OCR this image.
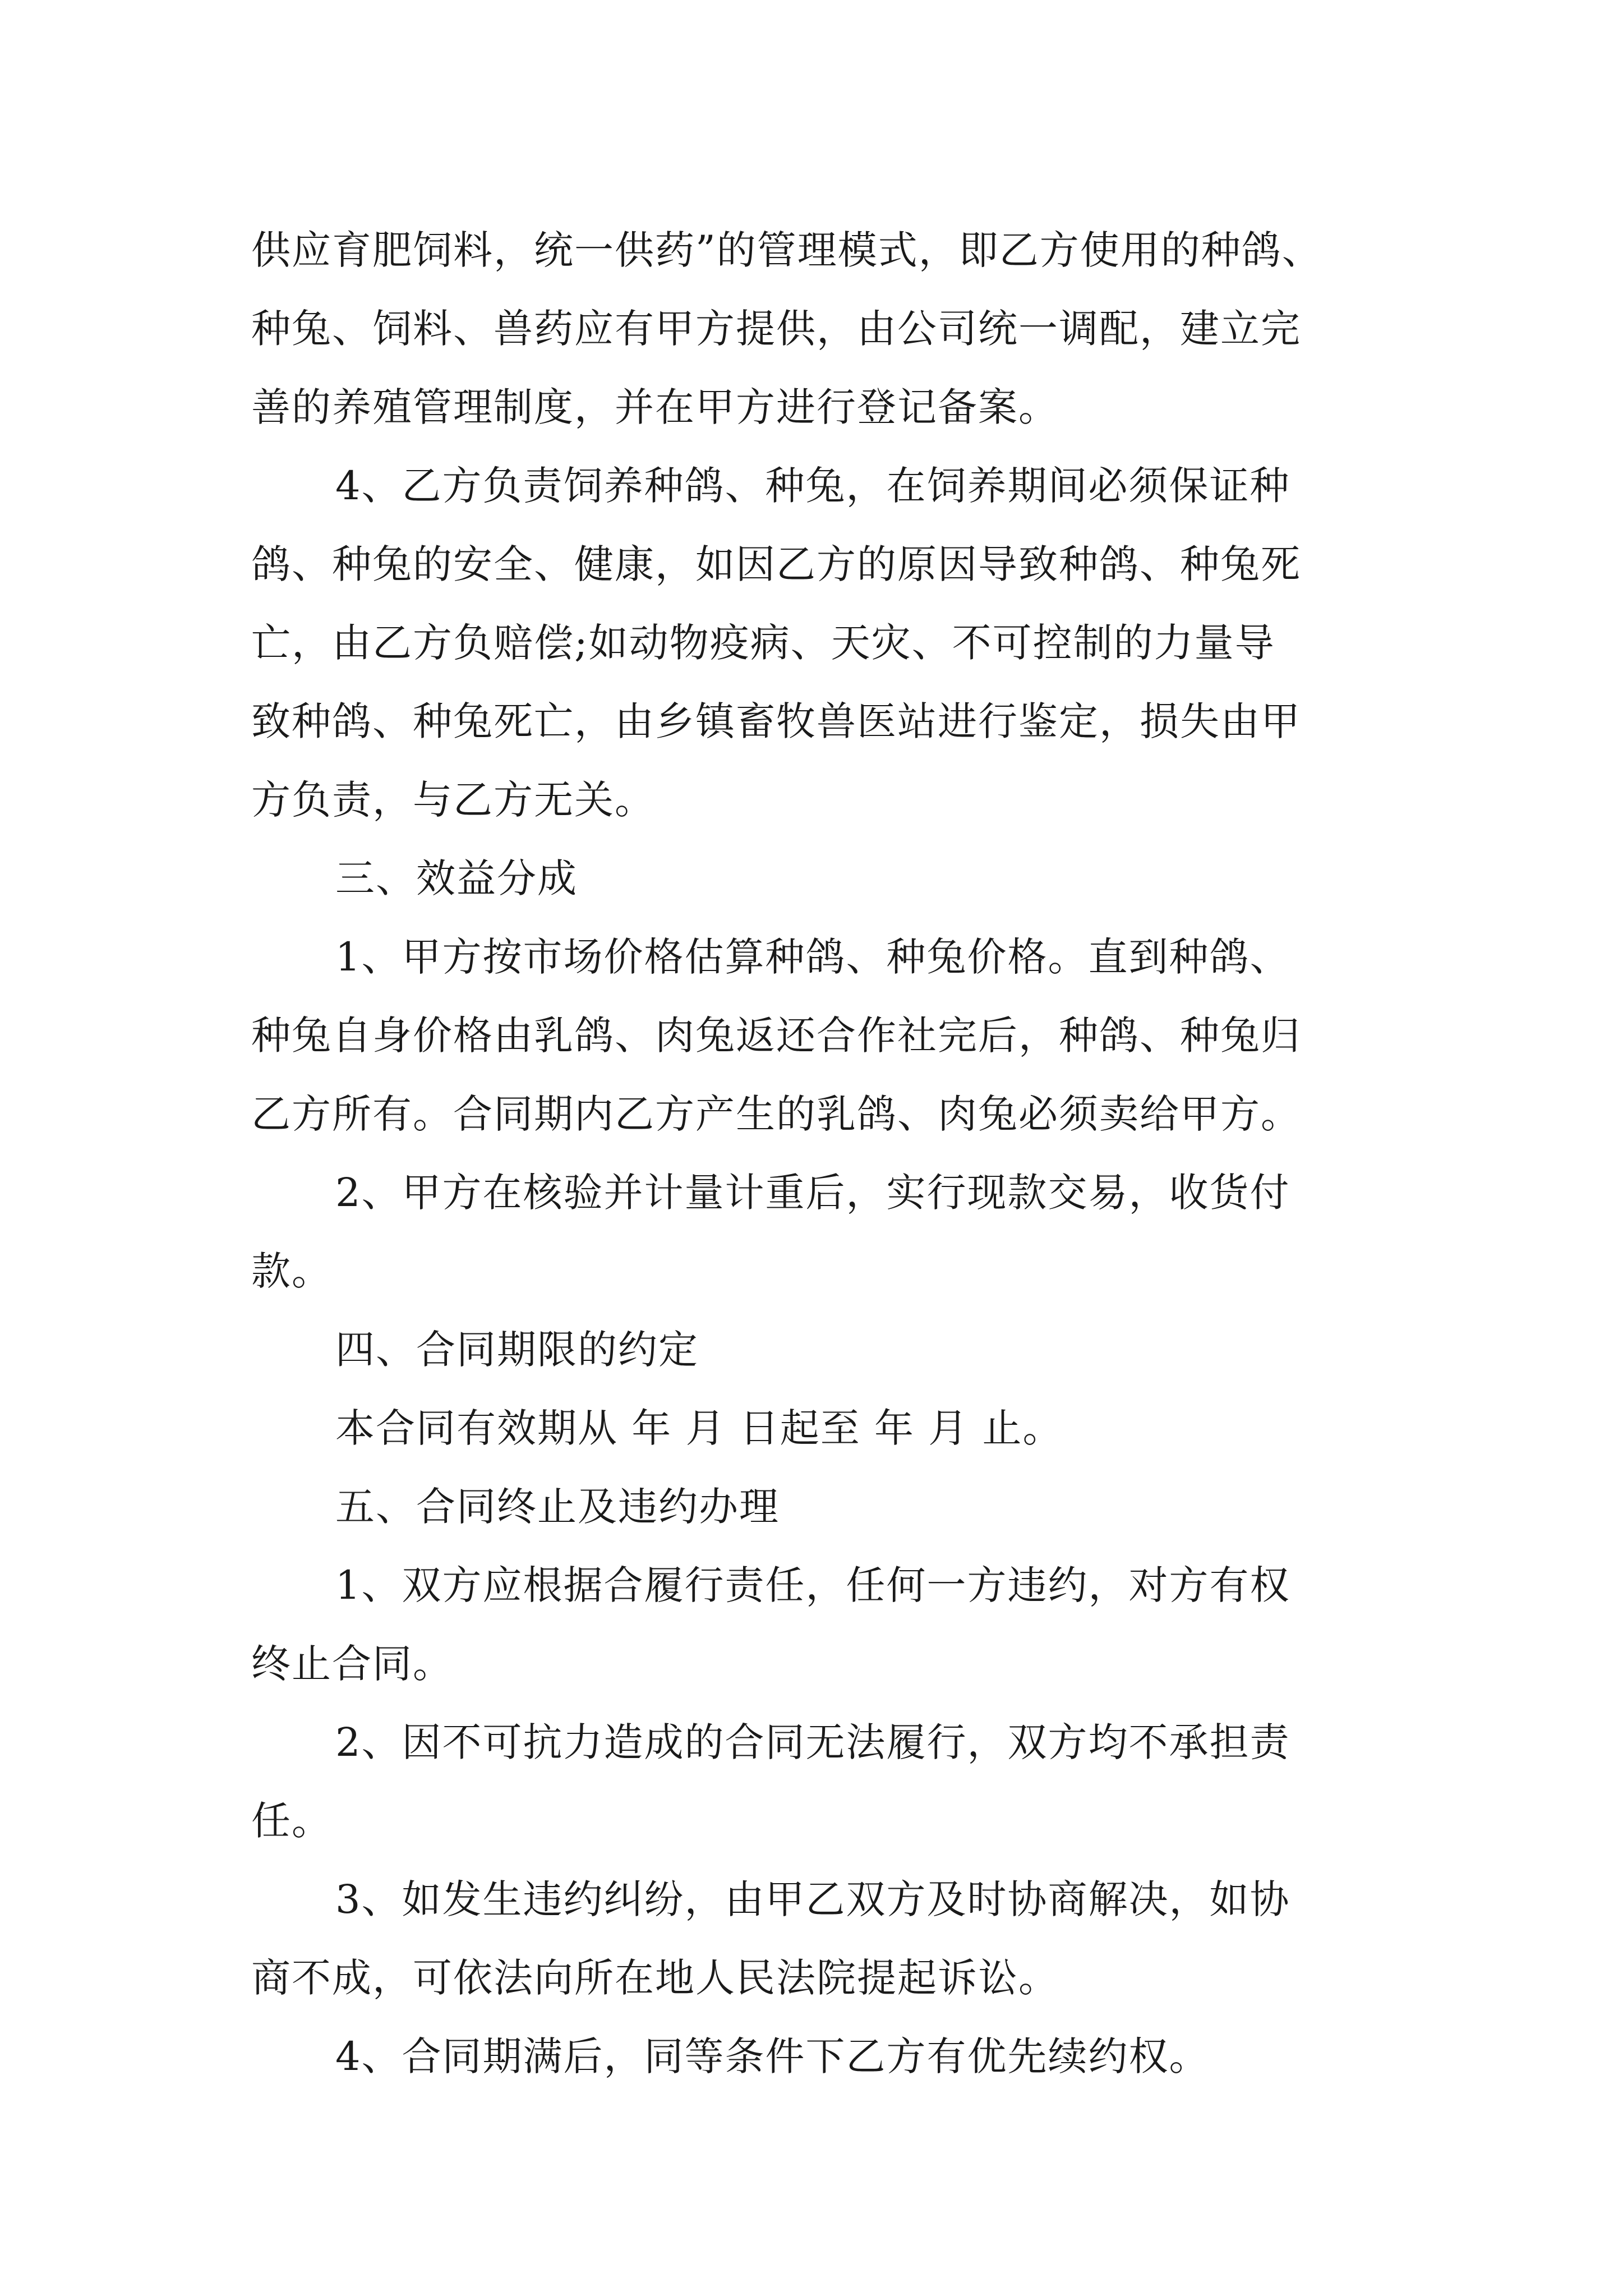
供应育肥饲料，统一供药”的管理模式，即乙方使用的种鸽、
种兔、饲料、兽药应有甲方提供，由公司统一调配，建立完
善的养殖管理制度，并在甲方进行登记备案。
4、乙方负责饲养种鸽、种兔，在饲养期间必须保证种
鸽、种兔的安全、健康，如因乙方的原因导致种鸽、种兔死
亡，由乙方负赔偿;如动物疫病、天灾、不可控制的力量导
致种鸽、种兔死亡，由乡镇畜牧兽医站进行鉴定，损失由甲
方负责，与乙方无关。
三、效益分成
1、甲方按市场价格估算种鸽、种兔价格。直到种鸽、
种兔自身价格由乳鸽、肉兔返还合作社完后，种鸽、种兔归
乙方所有。合同期内乙方产生的乳鸽、肉兔必须卖给甲方。
2、甲方在核验并计量计重后，实行现款交易，收货付
款。
四、合同期限的约定
本合同有效期从 年 月 日起至 年 月 止。
五、合同终止及违约办理
1、双方应根据合履行责任，任何一方违约，对方有权
终止合同。
2、因不可抗力造成的合同无法履行，双方均不承担责
任。
3、如发生违约纠纷，由甲乙双方及时协商解决，如协
商不成，可依法向所在地人民法院提起诉讼。
4、合同期满后，同等条件下乙方有优先续约权。
